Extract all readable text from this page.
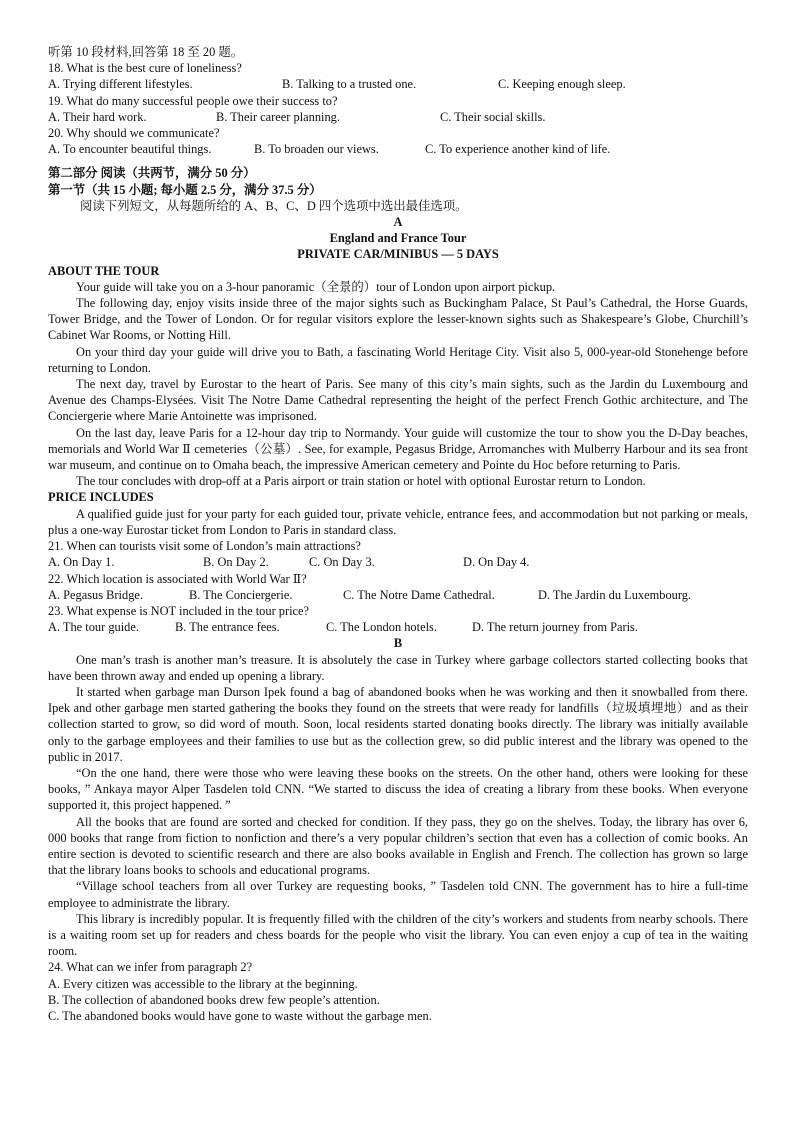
听第 10 段材料,回答第 18 至 20 题。
18. What is the best cure of loneliness?
A. Trying different lifestyles.	B. Talking to a trusted one.	C. Keeping enough sleep.
19. What do many successful people owe their success to?
A. Their hard work.	B. Their career planning.	C. Their social skills.
20. Why should we communicate?
A. To encounter beautiful things.	B. To broaden our views.	C. To experience another kind of life.
第二部分 阅读（共两节，满分 50 分）
第一节（共 15 小题; 每小题 2.5 分，满分 37.5 分）
阅读下列短文，从每题所给的 A、B、C、D 四个选项中选出最佳选项。
A
England and France Tour
PRIVATE CAR/MINIBUS — 5 DAYS
ABOUT THE TOUR

Your guide will take you on a 3-hour panoramic（全景的）tour of London upon airport pickup.

The following day, enjoy visits inside three of the major sights such as Buckingham Palace, St Paul’s Cathedral, the Horse Guards, Tower Bridge, and the Tower of London. Or for regular visitors explore the lesser-known sights such as Shakespeare’s Globe, Churchill’s Cabinet War Rooms, or Notting Hill.

On your third day your guide will drive you to Bath, a fascinating World Heritage City. Visit also 5, 000-year-old Stonehenge before returning to London.

The next day, travel by Eurostar to the heart of Paris. See many of this city’s main sights, such as the Jardin du Luxembourg and Avenue des Champs-Elysées. Visit The Notre Dame Cathedral representing the height of the perfect French Gothic architecture, and The Conciergerie where Marie Antoinette was imprisoned.

On the last day, leave Paris for a 12-hour day trip to Normandy. Your guide will customize the tour to show you the D-Day beaches, memorials and World War Ⅱ cemeteries（公墓）. See, for example, Pegasus Bridge, Arromanches with Mulberry Harbour and its sea front war museum, and continue on to Omaha beach, the impressive American cemetery and Pointe du Hoc before returning to Paris.

The tour concludes with drop-off at a Paris airport or train station or hotel with optional Eurostar return to London.

PRICE INCLUDES

A qualified guide just for your party for each guided tour, private vehicle, entrance fees, and accommodation but not parking or meals, plus a one-way Eurostar ticket from London to Paris in standard class.

21. When can tourists visit some of London’s main attractions?
A. On Day 1.	B. On Day 2.	C. On Day 3.	D. On Day 4.
22. Which location is associated with World War Ⅱ?
A. Pegasus Bridge.	B. The Conciergerie.	C. The Notre Dame Cathedral.	D. The Jardin du Luxembourg.
23. What expense is NOT included in the tour price?
A. The tour guide.	B. The entrance fees.	C. The London hotels.	D. The return journey from Paris.
B

One man’s trash is another man’s treasure. It is absolutely the case in Turkey where garbage collectors started collecting books that have been thrown away and ended up opening a library.

It started when garbage man Durson Ipek found a bag of abandoned books when he was working and then it snowballed from there. Ipek and other garbage men started gathering the books they found on the streets that were ready for landfills（垃圾填埋地）and as their collection started to grow, so did word of mouth. Soon, local residents started donating books directly. The library was initially available only to the garbage employees and their families to use but as the collection grew, so did public interest and the library was opened to the public in 2017.

“On the one hand, there were those who were leaving these books on the streets. On the other hand, others were looking for these books, ” Ankaya mayor Alper Tasdelen told CNN. “We started to discuss the idea of creating a library from these books. When everyone supported it, this project happened. ”

All the books that are found are sorted and checked for condition. If they pass, they go on the shelves. Today, the library has over 6, 000 books that range from fiction to nonfiction and there’s a very popular children’s section that even has a collection of comic books. An entire section is devoted to scientific research and there are also books available in English and French. The collection has grown so large that the library loans books to schools and educational programs.

“Village school teachers from all over Turkey are requesting books, ” Tasdelen told CNN. The government has to hire a full-time employee to administrate the library.

This library is incredibly popular. It is frequently filled with the children of the city’s workers and students from nearby schools. There is a waiting room set up for readers and chess boards for the people who visit the library. You can even enjoy a cup of tea in the waiting room.

24. What can we infer from paragraph 2?
A. Every citizen was accessible to the library at the beginning.
B. The collection of abandoned books drew few people’s attention.
C. The abandoned books would have gone to waste without the garbage men.
